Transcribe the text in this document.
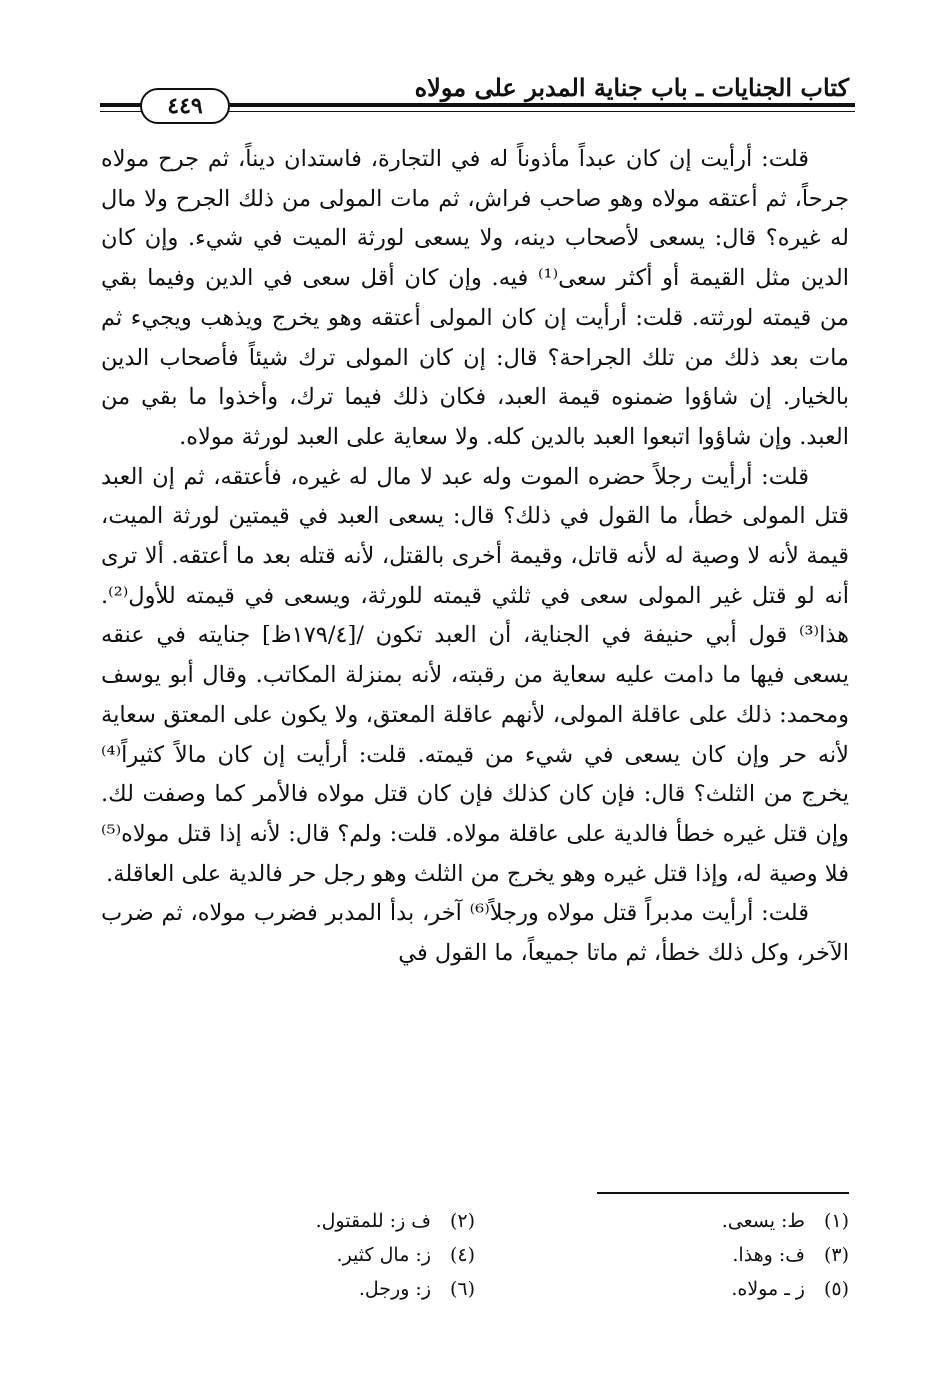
كتاب الجنايات ـ باب جناية المدبر على مولاه
٤٤٩

قلت: أرأيت إن كان عبداً مأذوناً له في التجارة، فاستدان ديناً، ثم جرح مولاه جرحاً، ثم أعتقه مولاه وهو صاحب فراش، ثم مات المولى من ذلك الجرح ولا مال له غيره؟ قال: يسعى لأصحاب دينه، ولا يسعى لورثة الميت في شيء. وإن كان الدين مثل القيمة أو أكثر سعى⁽¹⁾ فيه. وإن كان أقل سعى في الدين وفيما بقي من قيمته لورثته. قلت: أرأيت إن كان المولى أعتقه وهو يخرج ويذهب ويجيء ثم مات بعد ذلك من تلك الجراحة؟ قال: إن كان المولى ترك شيئاً فأصحاب الدين بالخيار. إن شاؤوا ضمنوه قيمة العبد، فكان ذلك فيما ترك، وأخذوا ما بقي من العبد. وإن شاؤوا اتبعوا العبد بالدين كله. ولا سعاية على العبد لورثة مولاه.

قلت: أرأيت رجلاً حضره الموت وله عبد لا مال له غيره، فأعتقه، ثم إن العبد قتل المولى خطأ، ما القول في ذلك؟ قال: يسعى العبد في قيمتين لورثة الميت، قيمة لأنه لا وصية له لأنه قاتل، وقيمة أخرى بالقتل، لأنه قتله بعد ما أعتقه. ألا ترى أنه لو قتل غير المولى سعى في ثلثي قيمته للورثة، ويسعى في قيمته للأول⁽²⁾. هذا⁽³⁾ قول أبي حنيفة في الجناية، أن العبد تكون /[١٧٩/٤ظ] جنايته في عنقه يسعى فيها ما دامت عليه سعاية من رقبته، لأنه بمنزلة المكاتب. وقال أبو يوسف ومحمد: ذلك على عاقلة المولى، لأنهم عاقلة المعتق، ولا يكون على المعتق سعاية لأنه حر وإن كان يسعى في شيء من قيمته. قلت: أرأيت إن كان مالاً كثيراً⁽⁴⁾ يخرج من الثلث؟ قال: فإن كان كذلك فإن كان قتل مولاه فالأمر كما وصفت لك. وإن قتل غيره خطأ فالدية على عاقلة مولاه. قلت: ولم؟ قال: لأنه إذا قتل مولاه⁽⁵⁾ فلا وصية له، وإذا قتل غيره وهو يخرج من الثلث وهو رجل حر فالدية على العاقلة.

قلت: أرأيت مدبراً قتل مولاه ورجلاً⁽⁶⁾ آخر، بدأ المدبر فضرب مولاه، ثم ضرب الآخر، وكل ذلك خطأ، ثم ماتا جميعاً، ما القول في

(١)
ط: يسعى.
(٢)
ف ز: للمقتول.
(٣)
ف: وهذا.
(٤)
ز: مال كثير.
(٥)
ز ـ مولاه.
(٦)
ز: ورجل.
